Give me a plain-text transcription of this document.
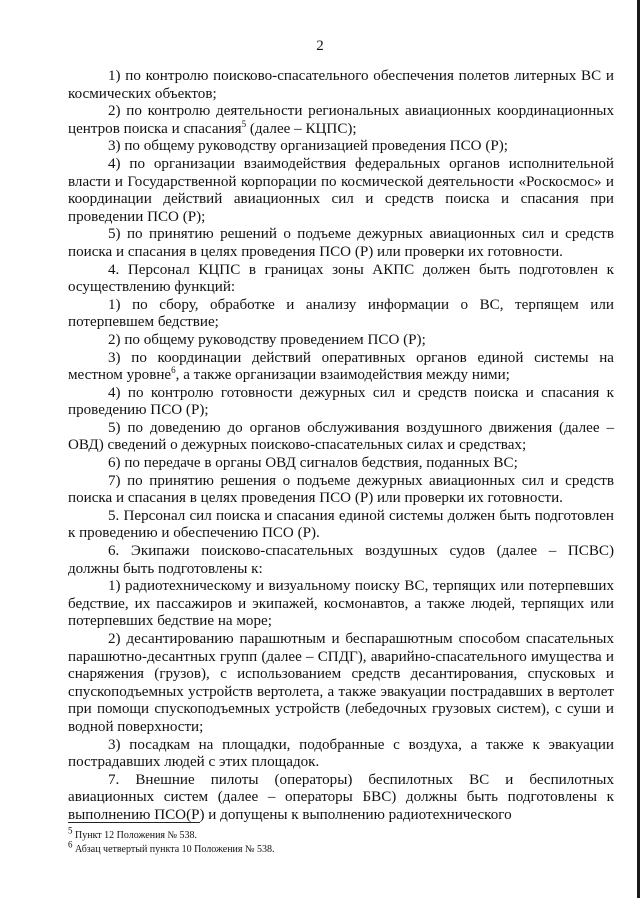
2

1) по контролю поисково-спасательного обеспечения полетов литерных ВС и космических объектов;

2) по контролю деятельности региональных авиационных координационных центров поиска и спасания$^5$ (далее – КЦПС);

3) по общему руководству организацией проведения ПСО (Р);

4) по организации взаимодействия федеральных органов исполнительной власти и Государственной корпорации по космической деятельности «Роскосмос» и координации действий авиационных сил и средств поиска и спасания при проведении ПСО (Р);

5) по принятию решений о подъеме дежурных авиационных сил и средств поиска и спасания в целях проведения ПСО (Р) или проверки их готовности.

4. Персонал КЦПС в границах зоны АКПС должен быть подготовлен к осуществлению функций:

1) по сбору, обработке и анализу информации о ВС, терпящем или потерпевшем бедствие;

2) по общему руководству проведением ПСО (Р);

3) по координации действий оперативных органов единой системы на местном уровне$^6$, а также организации взаимодействия между ними;

4) по контролю готовности дежурных сил и средств поиска и спасания к проведению ПСО (Р);

5) по доведению до органов обслуживания воздушного движения (далее – ОВД) сведений о дежурных поисково-спасательных силах и средствах;

6) по передаче в органы ОВД сигналов бедствия, поданных ВС;

7) по принятию решения о подъеме дежурных авиационных сил и средств поиска и спасания в целях проведения ПСО (Р) или проверки их готовности.

5. Персонал сил поиска и спасания единой системы должен быть подготовлен к проведению и обеспечению ПСО (Р).

6. Экипажи поисково-спасательных воздушных судов (далее – ПСВС) должны быть подготовлены к:

1) радиотехническому и визуальному поиску ВС, терпящих или потерпевших бедствие, их пассажиров и экипажей, космонавтов, а также людей, терпящих или потерпевших бедствие на море;

2) десантированию парашютным и беспарашютным способом спасательных парашютно-десантных групп (далее – СПДГ), аварийно-спасательного имущества и снаряжения (грузов), с использованием средств десантирования, спусковых и спускоподъемных устройств вертолета, а также эвакуации пострадавших в вертолет при помощи спускоподъемных устройств (лебедочных грузовых систем), с суши и водной поверхности;

3) посадкам на площадки, подобранные с воздуха, а также к эвакуации пострадавших людей с этих площадок.

7. Внешние пилоты (операторы) беспилотных ВС и беспилотных авиационных систем (далее – операторы БВС) должны быть подготовлены к выполнению ПСО(Р) и допущены к выполнению радиотехнического

$^5$ Пункт 12 Положения № 538.

$^6$ Абзац четвертый пункта 10 Положения № 538.
